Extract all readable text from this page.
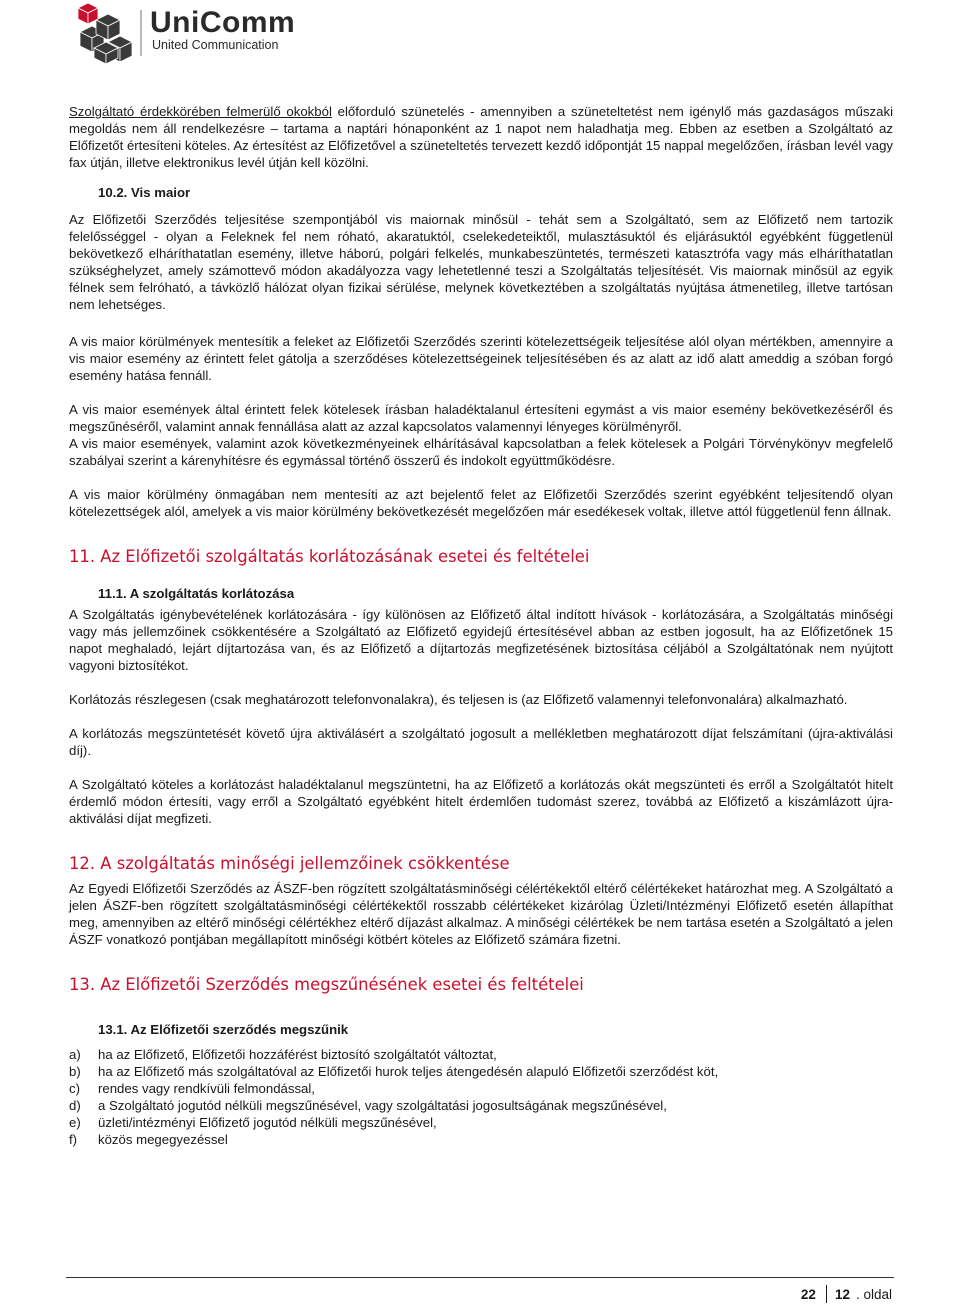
UniComm
United Communication

Szolgáltató érdekkörében felmerülő okokból előforduló szünetelés - amennyiben a szüneteltetést nem igénylő más gazdaságos műszaki megoldás nem áll rendelkezésre – tartama a naptári hónaponként az 1 napot nem haladhatja meg. Ebben az esetben a Szolgáltató az Előfizetőt értesíteni köteles. Az értesítést az Előfizetővel a szüneteltetés tervezett kezdő időpontját 15 nappal megelőzően, írásban levél vagy fax útján, illetve elektronikus levél útján kell közölni.

10.2. Vis maior

Az Előfizetői Szerződés teljesítése szempontjából vis maiornak minősül - tehát sem a Szolgáltató, sem az Előfizető nem tartozik felelősséggel - olyan a Feleknek fel nem róható, akaratuktól, cselekedeteiktől, mulasztásuktól és eljárásuktól egyébként függetlenül bekövetkező elháríthatatlan esemény, illetve háború, polgári felkelés, munkabeszüntetés, természeti katasztrófa vagy más elháríthatatlan szükséghelyzet, amely számottevő módon akadályozza vagy lehetetlenné teszi a Szolgáltatás teljesítését. Vis maiornak minősül az egyik félnek sem felróható, a távközlő hálózat olyan fizikai sérülése, melynek következtében a szolgáltatás nyújtása átmenetileg, illetve tartósan nem lehetséges.

A vis maior körülmények mentesítik a feleket az Előfizetői Szerződés szerinti kötelezettségeik teljesítése alól olyan mértékben, amennyire a vis maior esemény az érintett felet gátolja a szerződéses kötelezettségeinek teljesítésében és az alatt az idő alatt ameddig a szóban forgó esemény hatása fennáll.

A vis maior események által érintett felek kötelesek írásban haladéktalanul értesíteni egymást a vis maior esemény bekövetkezéséről és megszűnéséről, valamint annak fennállása alatt az azzal kapcsolatos valamennyi lényeges körülményről.

A vis maior események, valamint azok következményeinek elhárításával kapcsolatban a felek kötelesek a Polgári Törvénykönyv megfelelő szabályai szerint a kárenyhítésre és egymással történő összerű és indokolt együttműködésre.

A vis maior körülmény önmagában nem mentesíti az azt bejelentő felet az Előfizetői Szerződés szerint egyébként teljesítendő olyan kötelezettségek alól, amelyek a vis maior körülmény bekövetkezését megelőzően már esedékesek voltak, illetve attól függetlenül fenn állnak.

11. Az Előfizetői szolgáltatás korlátozásának esetei és feltételei

11.1. A szolgáltatás korlátozása

A Szolgáltatás igénybevételének korlátozására - így különösen az Előfizető által indított hívások - korlátozására, a Szolgáltatás minőségi vagy más jellemzőinek csökkentésére a Szolgáltató az Előfizető egyidejű értesítésével abban az estben jogosult, ha az Előfizetőnek 15 napot meghaladó, lejárt díjtartozása van, és az Előfizető a díjtartozás megfizetésének biztosítása céljából a Szolgáltatónak nem nyújtott vagyoni biztosítékot.

Korlátozás részlegesen (csak meghatározott telefonvonalakra), és teljesen is (az Előfizető valamennyi telefonvonalára) alkalmazható.

A korlátozás megszüntetését követő újra aktiválásért a szolgáltató jogosult a mellékletben meghatározott díjat felszámítani (újra-aktiválási díj).

A Szolgáltató köteles a korlátozást haladéktalanul megszüntetni, ha az Előfizető a korlátozás okát megszünteti és erről a Szolgáltatót hitelt érdemlő módon értesíti, vagy erről a Szolgáltató egyébként hitelt érdemlően tudomást szerez, továbbá az Előfizető a kiszámlázott újra-aktiválási díjat megfizeti.

12. A szolgáltatás minőségi jellemzőinek csökkentése

Az Egyedi Előfizetői Szerződés az ÁSZF-ben rögzített szolgáltatásminőségi célértékektől eltérő célértékeket határozhat meg. A Szolgáltató a jelen ÁSZF-ben rögzített szolgáltatásminőségi célértékektől rosszabb célértékeket kizárólag Üzleti/Intézményi Előfizető esetén állapíthat meg, amennyiben az eltérő minőségi célértékhez eltérő díjazást alkalmaz. A minőségi célértékek be nem tartása esetén a Szolgáltató a jelen ÁSZF vonatkozó pontjában megállapított minőségi kötbért köteles az Előfizető számára fizetni.

13. Az Előfizetői Szerződés megszűnésének esetei és feltételei

13.1. Az Előfizetői szerződés megszűnik

a)	ha az Előfizető, Előfizetői hozzáférést biztosító szolgáltatót változtat,
b)	ha az Előfizető más szolgáltatóval az Előfizetői hurok teljes átengedésén alapuló Előfizetői szerződést köt,
c)	rendes vagy rendkívüli felmondással,
d)	a Szolgáltató jogutód nélküli megszűnésével, vagy szolgáltatási jogosultságának megszűnésével,
e)	üzleti/intézményi Előfizető jogutód nélküli megszűnésével,
f)	közös megegyezéssel
22 12 . oldal
